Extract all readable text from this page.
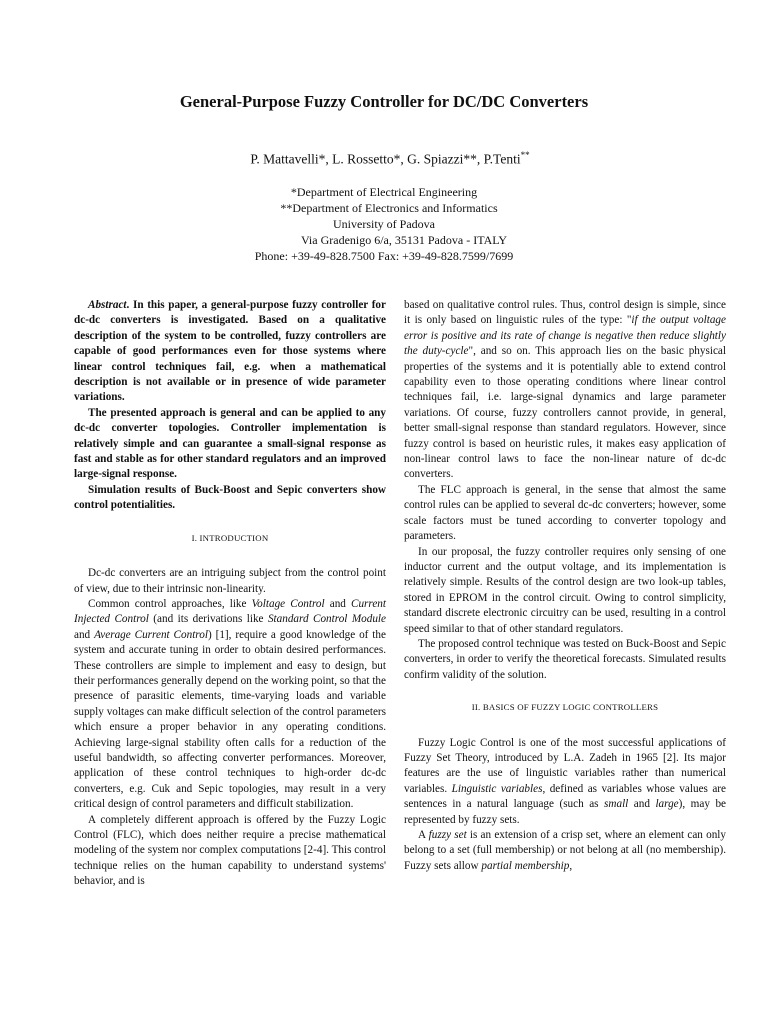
General-Purpose Fuzzy Controller for DC/DC Converters
P. Mattavelli*, L. Rossetto*, G. Spiazzi**, P.Tenti**
*Department of Electrical Engineering
**Department of Electronics and Informatics
University of Padova
Via Gradenigo 6/a, 35131 Padova - ITALY
Phone: +39-49-828.7500 Fax: +39-49-828.7599/7699

Abstract. In this paper, a general-purpose fuzzy controller for dc-dc converters is investigated. Based on a qualitative description of the system to be controlled, fuzzy controllers are capable of good performances even for those systems where linear control techniques fail, e.g. when a mathematical description is not available or in presence of wide parameter variations.

The presented approach is general and can be applied to any dc-dc converter topologies. Controller implementation is relatively simple and can guarantee a small-signal response as fast and stable as for other standard regulators and an improved large-signal response.

Simulation results of Buck-Boost and Sepic converters show control potentialities.

I. INTRODUCTION

Dc-dc converters are an intriguing subject from the control point of view, due to their intrinsic non-linearity.

Common control approaches, like Voltage Control and Current Injected Control (and its derivations like Standard Control Module and Average Current Control) [1], require a good knowledge of the system and accurate tuning in order to obtain desired performances. These controllers are simple to implement and easy to design, but their performances generally depend on the working point, so that the presence of parasitic elements, time-varying loads and variable supply voltages can make difficult selection of the control parameters which ensure a proper behavior in any operating conditions. Achieving large-signal stability often calls for a reduction of the useful bandwidth, so affecting converter performances. Moreover, application of these control techniques to high-order dc-dc converters, e.g. Cuk and Sepic topologies, may result in a very critical design of control parameters and difficult stabilization.

A completely different approach is offered by the Fuzzy Logic Control (FLC), which does neither require a precise mathematical modeling of the system nor complex computations [2-4]. This control technique relies on the human capability to understand systems' behavior, and is

based on qualitative control rules. Thus, control design is simple, since it is only based on linguistic rules of the type: "if the output voltage error is positive and its rate of change is negative then reduce slightly the duty-cycle", and so on. This approach lies on the basic physical properties of the systems and it is potentially able to extend control capability even to those operating conditions where linear control techniques fail, i.e. large-signal dynamics and large parameter variations. Of course, fuzzy controllers cannot provide, in general, better small-signal response than standard regulators. However, since fuzzy control is based on heuristic rules, it makes easy application of non-linear control laws to face the non-linear nature of dc-dc converters.

The FLC approach is general, in the sense that almost the same control rules can be applied to several dc-dc converters; however, some scale factors must be tuned according to converter topology and parameters.

In our proposal, the fuzzy controller requires only sensing of one inductor current and the output voltage, and its implementation is relatively simple. Results of the control design are two look-up tables, stored in EPROM in the control circuit. Owing to control simplicity, standard discrete electronic circuitry can be used, resulting in a control speed similar to that of other standard regulators.

The proposed control technique was tested on Buck-Boost and Sepic converters, in order to verify the theoretical forecasts. Simulated results confirm validity of the solution.

II. BASICS OF FUZZY LOGIC CONTROLLERS

Fuzzy Logic Control is one of the most successful applications of Fuzzy Set Theory, introduced by L.A. Zadeh in 1965 [2]. Its major features are the use of linguistic variables rather than numerical variables. Linguistic variables, defined as variables whose values are sentences in a natural language (such as small and large), may be represented by fuzzy sets.

A fuzzy set is an extension of a crisp set, where an element can only belong to a set (full membership) or not belong at all (no membership). Fuzzy sets allow partial membership,
